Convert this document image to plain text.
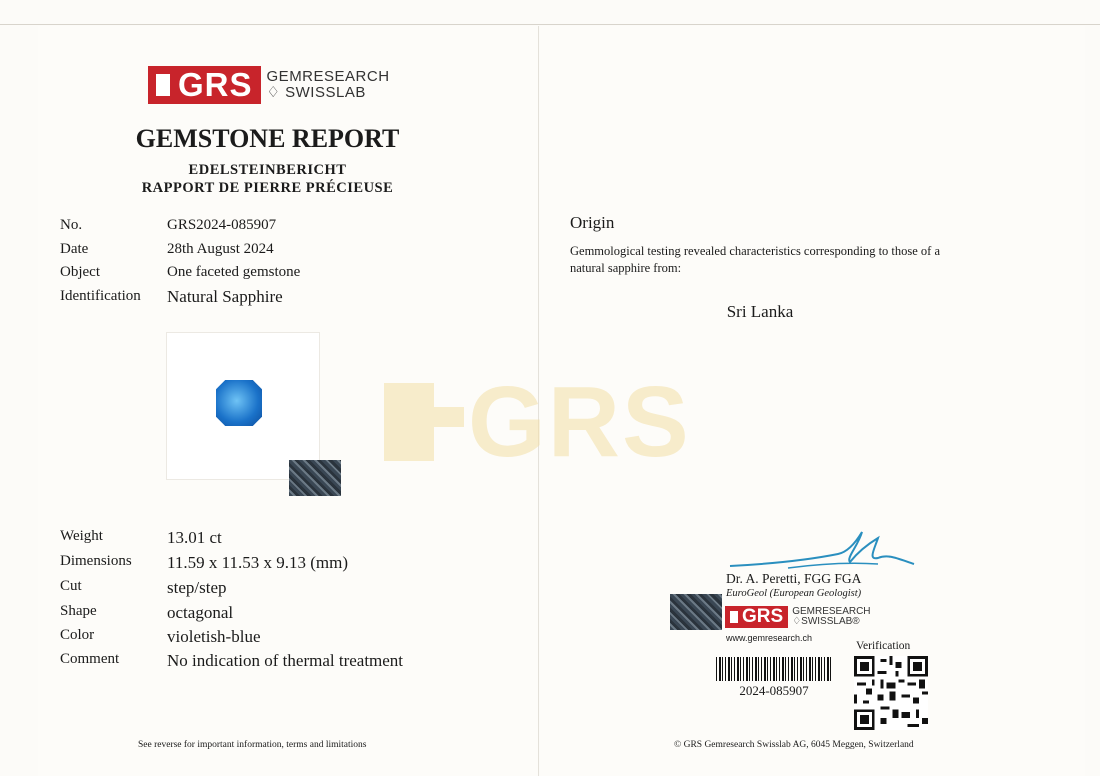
GRS
GRS GEMRESEARCH
♢ SWISSLAB
GEMSTONE REPORT
EDELSTEINBERICHT
RAPPORT DE PIERRE PRÉCIEUSE
No.	GRS2024-085907
Date	28th August 2024
Object	One faceted gemstone
Identification Natural Sapphire
Weight	13.01 ct
Dimensions 11.59 x 11.53 x 9.13 (mm)
Cut	step/step
Shape	octagonal
Color	violetish-blue
Comment	No indication of thermal treatment
Origin
Gemmological testing revealed characteristics corresponding to those of a natural sapphire from:
Sri Lanka
Dr. A. Peretti, FGG FGA
EuroGeol (European Geologist)
GRS GEMRESEARCH
♢SWISSLAB®
www.gemresearch.ch
Verification
2024-085907
See reverse for important information, terms and limitations	© GRS Gemresearch Swisslab AG, 6045 Meggen, Switzerland
